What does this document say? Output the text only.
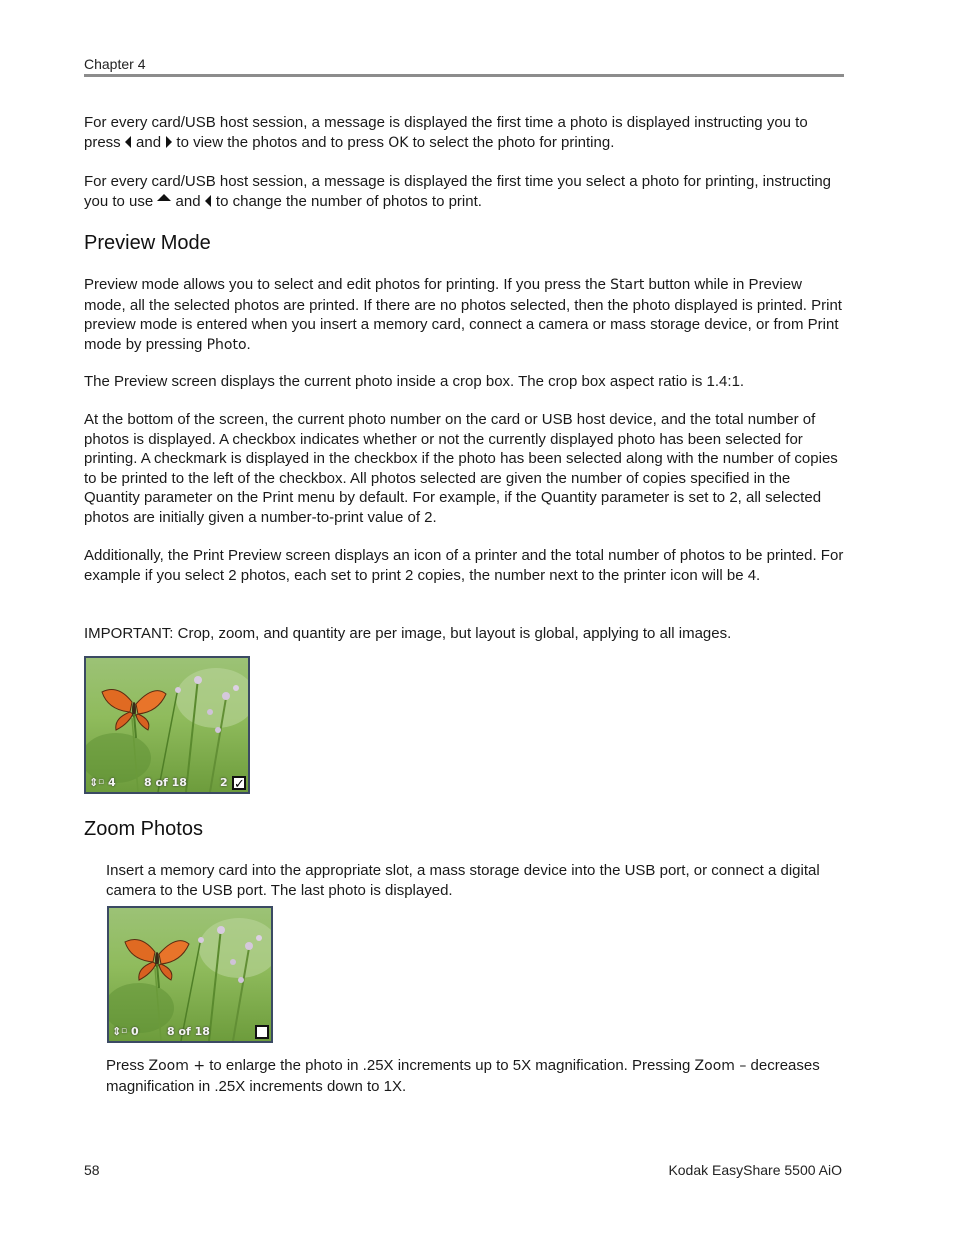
Chapter 4

For every card/USB host session, a message is displayed the first time a photo is displayed instructing you to press  and  to view the photos and to press OK to select the photo for printing.

For every card/USB host session, a message is displayed the first time you select a photo for printing, instructing you to use  and  to change the number of photos to print.

Preview Mode

Preview mode allows you to select and edit photos for printing. If you press the Start button while in Preview mode, all the selected photos are printed. If there are no photos selected, then the photo displayed is printed. Print preview mode is entered when you insert a memory card, connect a camera or mass storage device, or from Print mode by pressing Photo.

The Preview screen displays the current photo inside a crop box. The crop box aspect ratio is 1.4:1.

At the bottom of the screen, the current photo number on the card or USB host device, and the total number of photos is displayed. A checkbox indicates whether or not the currently displayed photo has been selected for printing. A checkmark is displayed in the checkbox if the photo has been selected along with the number of copies to be printed to the left of the checkbox. All photos selected are given the number of copies specified in the Quantity parameter on the Print menu by default. For example, if the Quantity parameter is set to 2, all selected photos are initially given a number-to-print value of 2.

Additionally, the Print Preview screen displays an icon of a printer and the total number of photos to be printed. For example if you select 2 photos, each set to print 2 copies, the number next to the printer icon will be 4.

IMPORTANT: Crop, zoom, and quantity are per image, but layout is global, applying to all images.

⇕ ▫ 4	8 of 18	2 ✓
Zoom Photos

Insert a memory card into the appropriate slot, a mass storage device into the USB port, or connect a digital camera to the USB port. The last photo is displayed.

⇕ ▫ 0	8 of 18

Press Zoom + to enlarge the photo in .25X increments up to 5X magnification. Pressing Zoom – decreases magnification in .25X increments down to 1X.

58	Kodak EasyShare 5500 AiO
